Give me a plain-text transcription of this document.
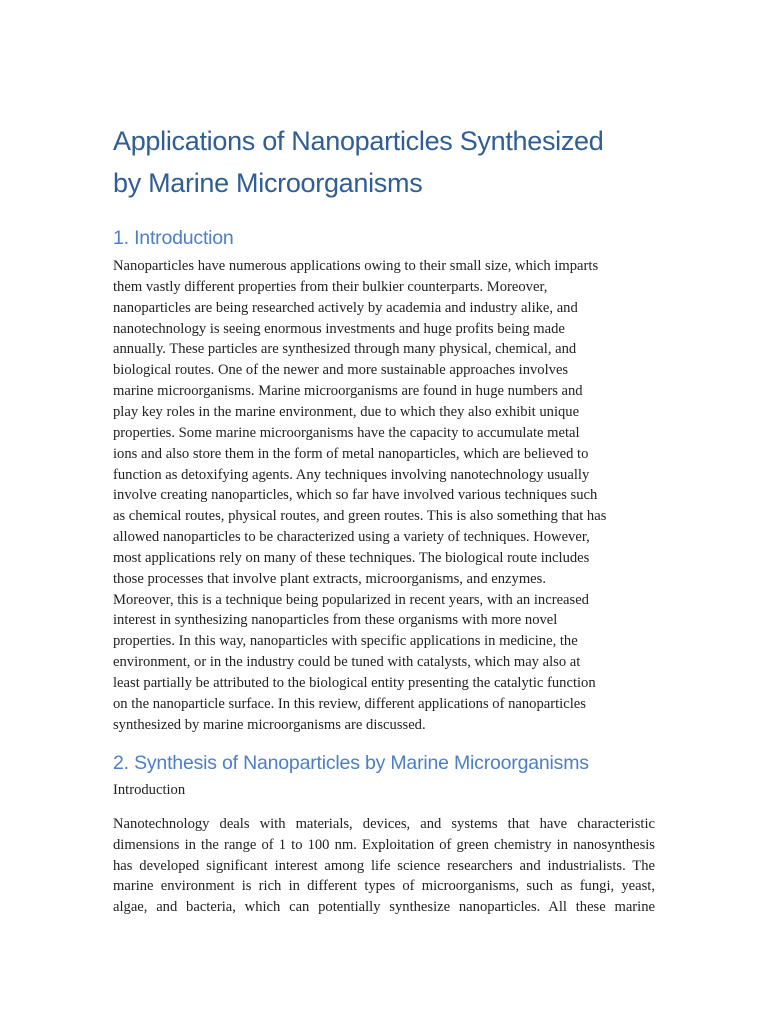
Applications of Nanoparticles Synthesized
by Marine Microorganisms
1. Introduction
Nanoparticles have numerous applications owing to their small size, which imparts
them vastly different properties from their bulkier counterparts. Moreover,
nanoparticles are being researched actively by academia and industry alike, and
nanotechnology is seeing enormous investments and huge profits being made
annually. These particles are synthesized through many physical, chemical, and
biological routes. One of the newer and more sustainable approaches involves
marine microorganisms. Marine microorganisms are found in huge numbers and
play key roles in the marine environment, due to which they also exhibit unique
properties. Some marine microorganisms have the capacity to accumulate metal
ions and also store them in the form of metal nanoparticles, which are believed to
function as detoxifying agents. Any techniques involving nanotechnology usually
involve creating nanoparticles, which so far have involved various techniques such
as chemical routes, physical routes, and green routes. This is also something that has
allowed nanoparticles to be characterized using a variety of techniques. However,
most applications rely on many of these techniques. The biological route includes
those processes that involve plant extracts, microorganisms, and enzymes.
Moreover, this is a technique being popularized in recent years, with an increased
interest in synthesizing nanoparticles from these organisms with more novel
properties. In this way, nanoparticles with specific applications in medicine, the
environment, or in the industry could be tuned with catalysts, which may also at
least partially be attributed to the biological entity presenting the catalytic function
on the nanoparticle surface. In this review, different applications of nanoparticles
synthesized by marine microorganisms are discussed.
2. Synthesis of Nanoparticles by Marine Microorganisms
Introduction
Nanotechnology deals with materials, devices, and systems that have characteristic
dimensions in the range of 1 to 100 nm. Exploitation of green chemistry in nanosynthesis
has developed significant interest among life science researchers and industrialists. The
marine environment is rich in different types of microorganisms, such as fungi, yeast,
algae, and bacteria, which can potentially synthesize nanoparticles. All these marine
